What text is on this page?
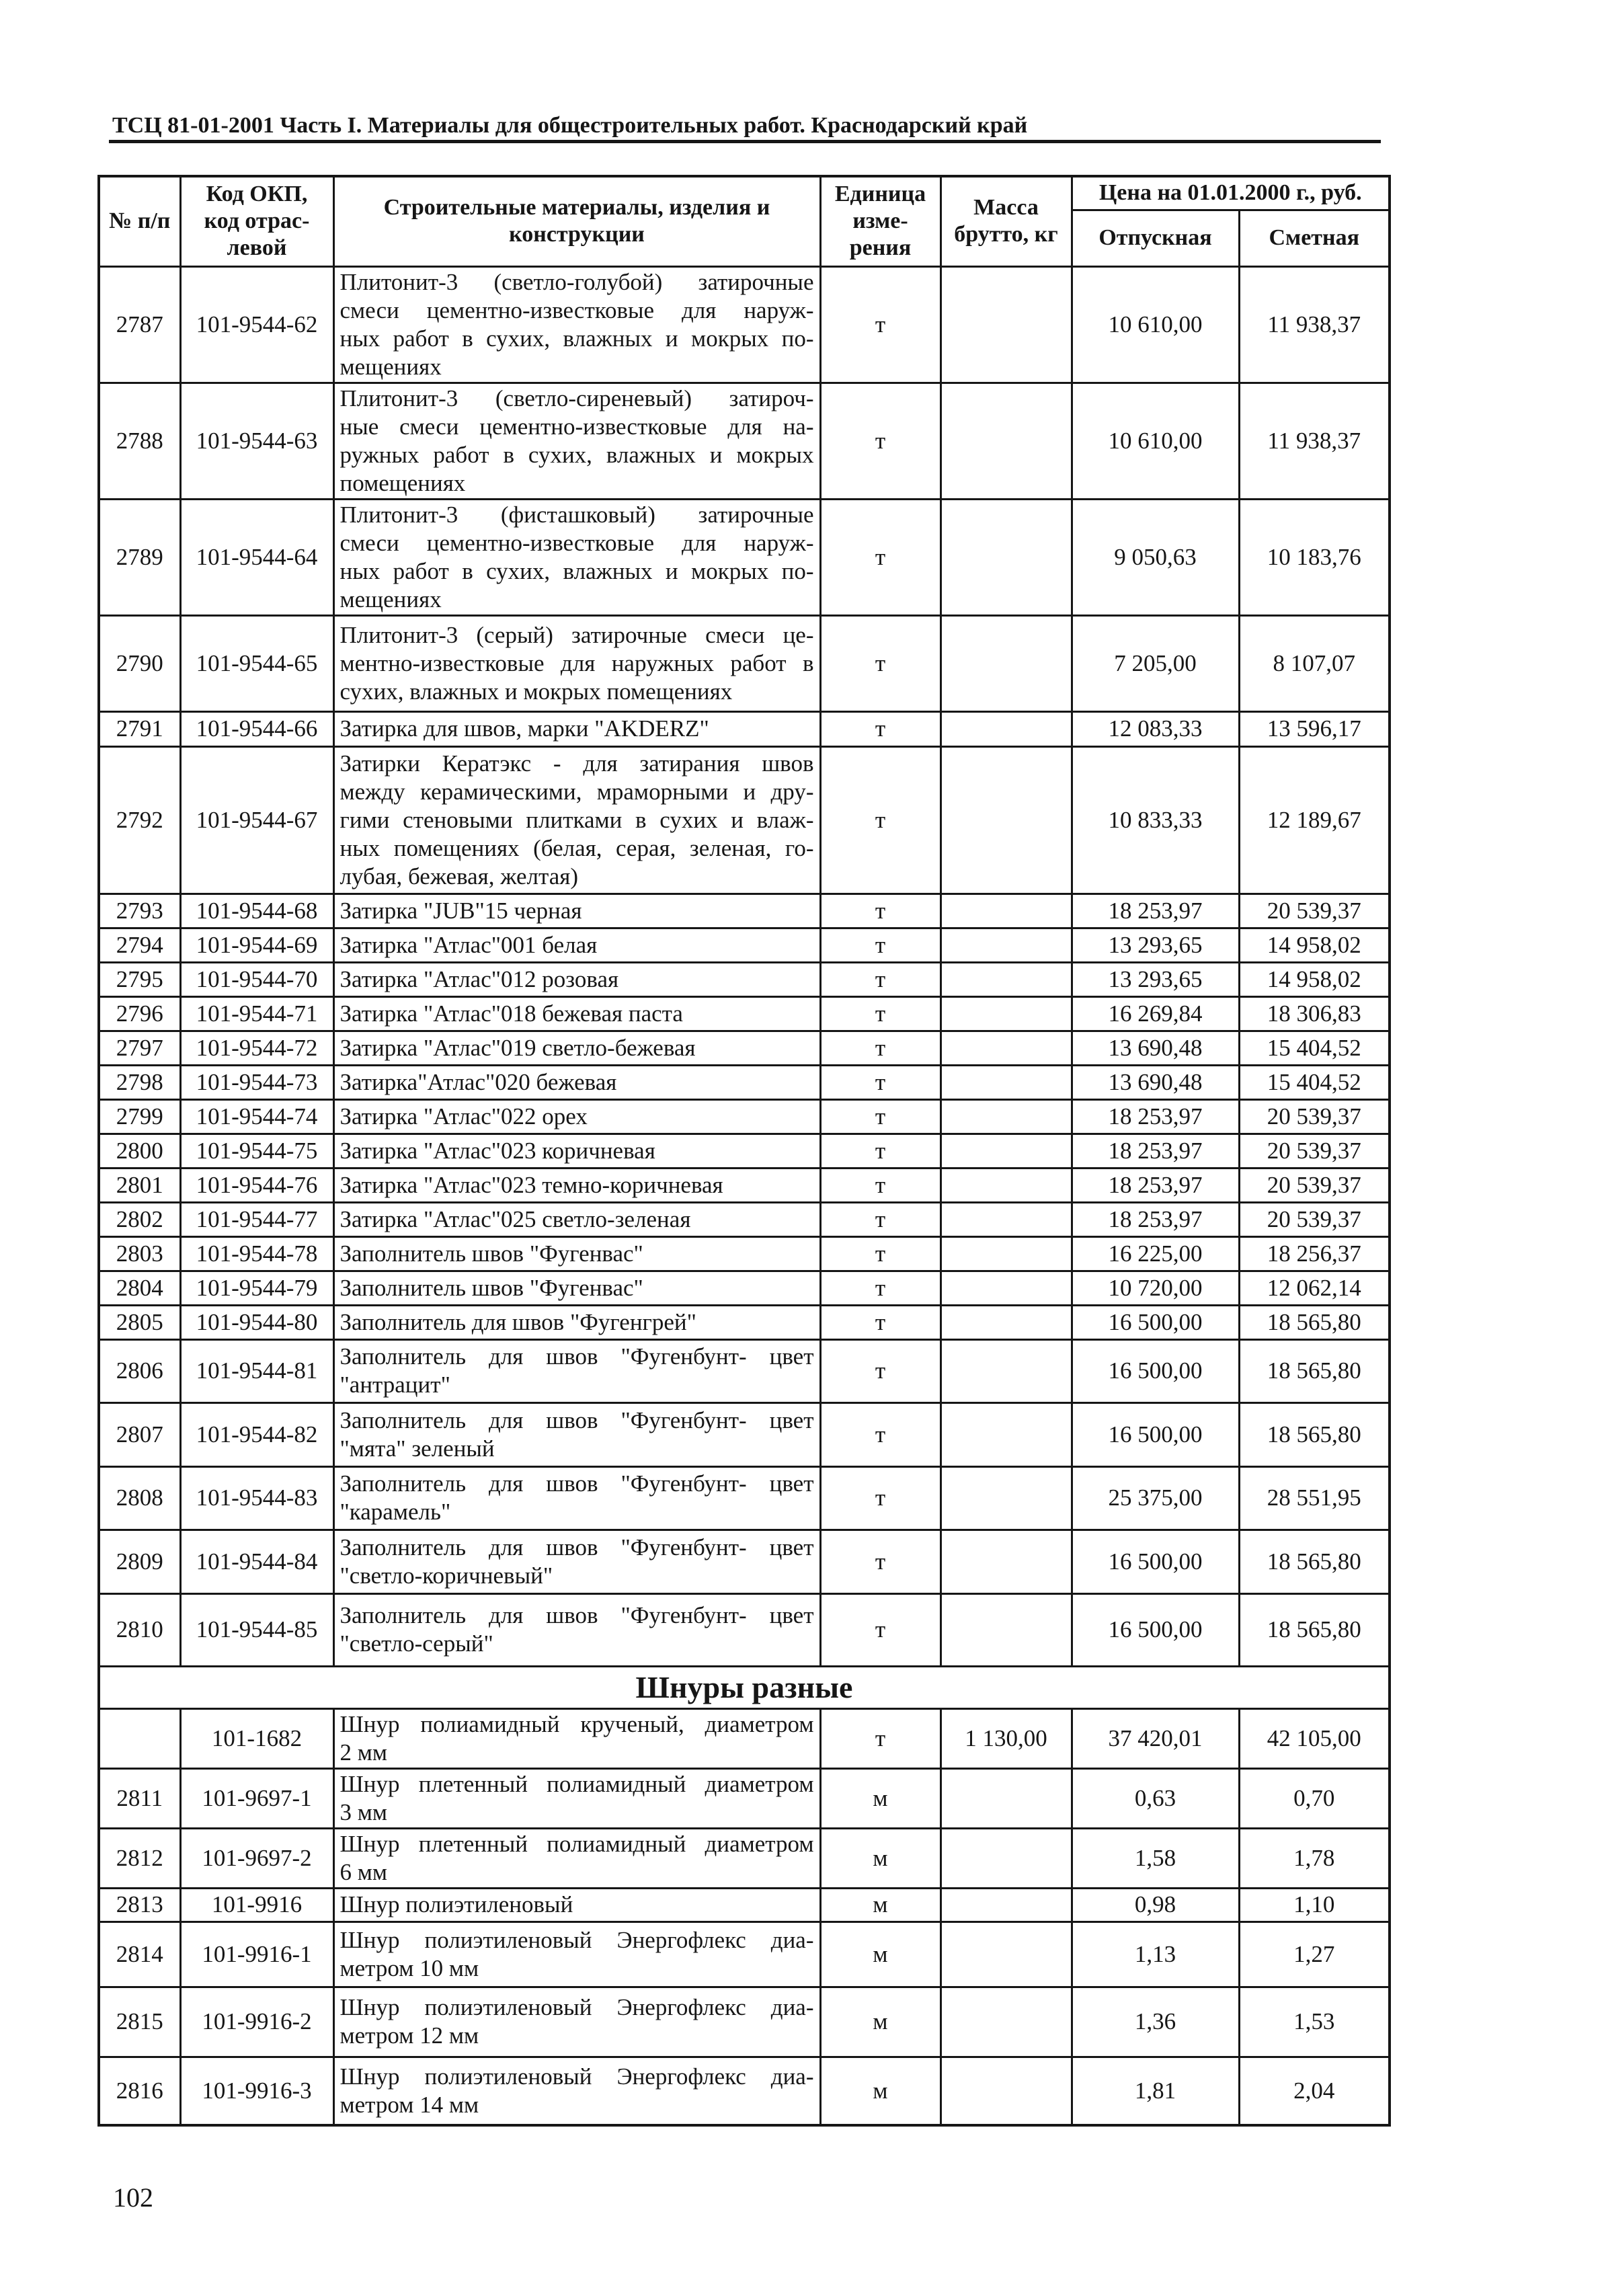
ТСЦ 81-01-2001 Часть I. Материалы для общестроительных работ. Краснодарский край
№ п/п	Код ОКП,
код отрас-
левой	Строительные материалы, изделия и
конструкции	Единица
изме-
рения	Масса
брутто, кг	Цена на 01.01.2000 г., руб.	
					Отпускная	Сметная
2787	101-9544-62	Плитонит-3 (светло-голубой) затирочные
смеси цементно-известковые для наруж-
ных работ в сухих, влажных и мокрых по-
мещениях	т		10 610,00	11 938,37
2788	101-9544-63	Плитонит-3 (светло-сиреневый) затироч-
ные смеси цементно-известковые для на-
ружных работ в сухих, влажных и мокрых
помещениях	т		10 610,00	11 938,37
2789	101-9544-64	Плитонит-3 (фисташковый) затирочные
смеси цементно-известковые для наруж-
ных работ в сухих, влажных и мокрых по-
мещениях	т		9 050,63	10 183,76
2790	101-9544-65	Плитонит-3 (серый) затирочные смеси це-
ментно-известковые для наружных работ в
сухих, влажных и мокрых помещениях	т		7 205,00	8 107,07
2791	101-9544-66	Затирка для швов, марки "AKDERZ"	т		12 083,33	13 596,17
2792	101-9544-67	Затирки Кератэкс - для затирания швов
между керамическими, мраморными и дру-
гими стеновыми плитками в сухих и влаж-
ных помещениях (белая, серая, зеленая, го-
лубая, бежевая, желтая)	т		10 833,33	12 189,67
2793	101-9544-68	Затирка "JUB"15 черная	т		18 253,97	20 539,37
2794	101-9544-69	Затирка "Атлас"001 белая	т		13 293,65	14 958,02
2795	101-9544-70	Затирка "Атлас"012 розовая	т		13 293,65	14 958,02
2796	101-9544-71	Затирка "Атлас"018 бежевая паста	т		16 269,84	18 306,83
2797	101-9544-72	Затирка "Атлас"019 светло-бежевая	т		13 690,48	15 404,52
2798	101-9544-73	Затирка"Атлас"020 бежевая	т		13 690,48	15 404,52
2799	101-9544-74	Затирка "Атлас"022 орех	т		18 253,97	20 539,37
2800	101-9544-75	Затирка "Атлас"023 коричневая	т		18 253,97	20 539,37
2801	101-9544-76	Затирка "Атлас"023 темно-коричневая	т		18 253,97	20 539,37
2802	101-9544-77	Затирка "Атлас"025 светло-зеленая	т		18 253,97	20 539,37
2803	101-9544-78	Заполнитель швов "Фугенвас"	т		16 225,00	18 256,37
2804	101-9544-79	Заполнитель швов "Фугенвас"	т		10 720,00	12 062,14
2805	101-9544-80	Заполнитель для швов "Фугенгрей"	т		16 500,00	18 565,80
2806	101-9544-81	Заполнитель для швов "Фугенбунт- цвет
"антрацит"	т		16 500,00	18 565,80
2807	101-9544-82	Заполнитель для швов "Фугенбунт- цвет
"мята" зеленый	т		16 500,00	18 565,80
2808	101-9544-83	Заполнитель для швов "Фугенбунт- цвет
"карамель"	т		25 375,00	28 551,95
2809	101-9544-84	Заполнитель для швов "Фугенбунт- цвет
"светло-коричневый"	т		16 500,00	18 565,80
2810	101-9544-85	Заполнитель для швов "Фугенбунт- цвет
"светло-серый"	т		16 500,00	18 565,80
Шнуры разные						
	101-1682	Шнур полиамидный крученый, диаметром
2 мм	т	1 130,00	37 420,01	42 105,00
2811	101-9697-1	Шнур плетенный полиамидный диаметром
3 мм	м		0,63	0,70
2812	101-9697-2	Шнур плетенный полиамидный диаметром
6 мм	м		1,58	1,78
2813	101-9916	Шнур полиэтиленовый	м		0,98	1,10
2814	101-9916-1	Шнур полиэтиленовый Энергофлекс диа-
метром 10 мм	м		1,13	1,27
2815	101-9916-2	Шнур полиэтиленовый Энергофлекс диа-
метром 12 мм	м		1,36	1,53
2816	101-9916-3	Шнур полиэтиленовый Энергофлекс диа-
метром 14 мм	м		1,81	2,04
102
